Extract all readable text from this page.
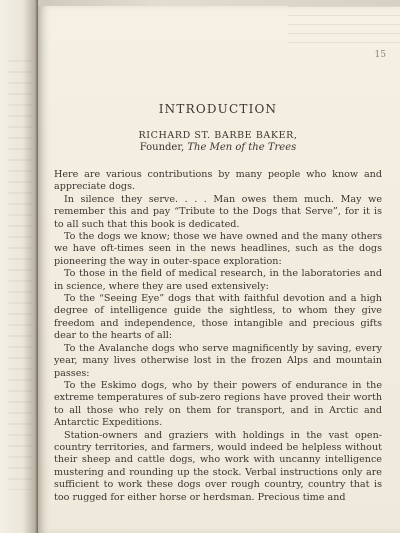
15
INTRODUCTION

RICHARD ST. BARBE BAKER,

Founder, The Men of the Trees

Here are various contributions by many people who know and appreciate dogs.

In silence they serve. . . . Man owes them much. May we remember this and pay “Tribute to the Dogs that Serve”, for it is to all such that this book is dedicated.

To the dogs we know; those we have owned and the many others we have oft-times seen in the news headlines, such as the dogs pioneering the way in outer-space exploration:

To those in the field of medical research, in the laboratories and in science, where they are used extensively:

To the “Seeing Eye” dogs that with faithful devotion and a high degree of intelligence guide the sightless, to whom they give freedom and independence, those intangible and precious gifts dear to the hearts of all:

To the Avalanche dogs who serve magnificently by saving, every year, many lives otherwise lost in the frozen Alps and mountain passes:

To the Eskimo dogs, who by their powers of endurance in the extreme temperatures of sub-zero regions have proved their worth to all those who rely on them for transport, and in Arctic and Antarctic Expeditions.

Station-owners and graziers with holdings in the vast open-country territories, and farmers, would indeed be helpless without their sheep and cattle dogs, who work with uncanny intelligence mustering and rounding up the stock. Verbal instructions only are sufficient to work these dogs over rough country, country that is too rugged for either horse or herdsman. Precious time and
